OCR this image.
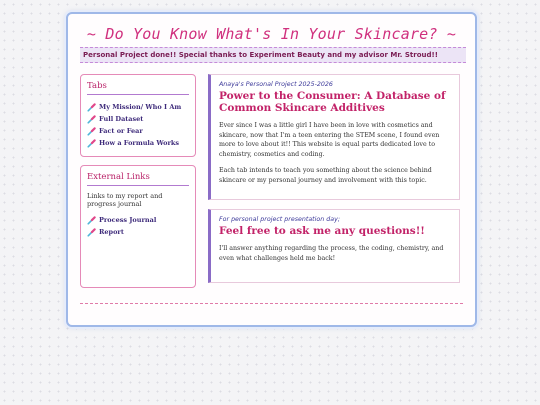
~ Do You Know What's In Your Skincare? ~
Personal Project done!! Special thanks to Experiment Beauty and my advisor Mr. Stroud!!
Tabs
My Mission/ Who I Am
Full Dataset
Fact or Fear
How a Formula Works
External Links
Links to my report and progress journal
Process Journal
Report
Anaya's Personal Project 2025-2026
Power to the Consumer: A Database of Common Skincare Additives

Ever since I was a little girl I have been in love with cosmetics and skincare, now that I'm a teen entering the STEM scene, I found even more to love about it!! This website is equal parts dedicated love to chemistry, cosmetics and coding.

Each tab intends to teach you something about the science behind skincare or my personal journey and involvement with this topic.

For personal project presentation day;
Feel free to ask me any questions!!

I'll answer anything regarding the process, the coding, chemistry, and even what challenges held me back!
